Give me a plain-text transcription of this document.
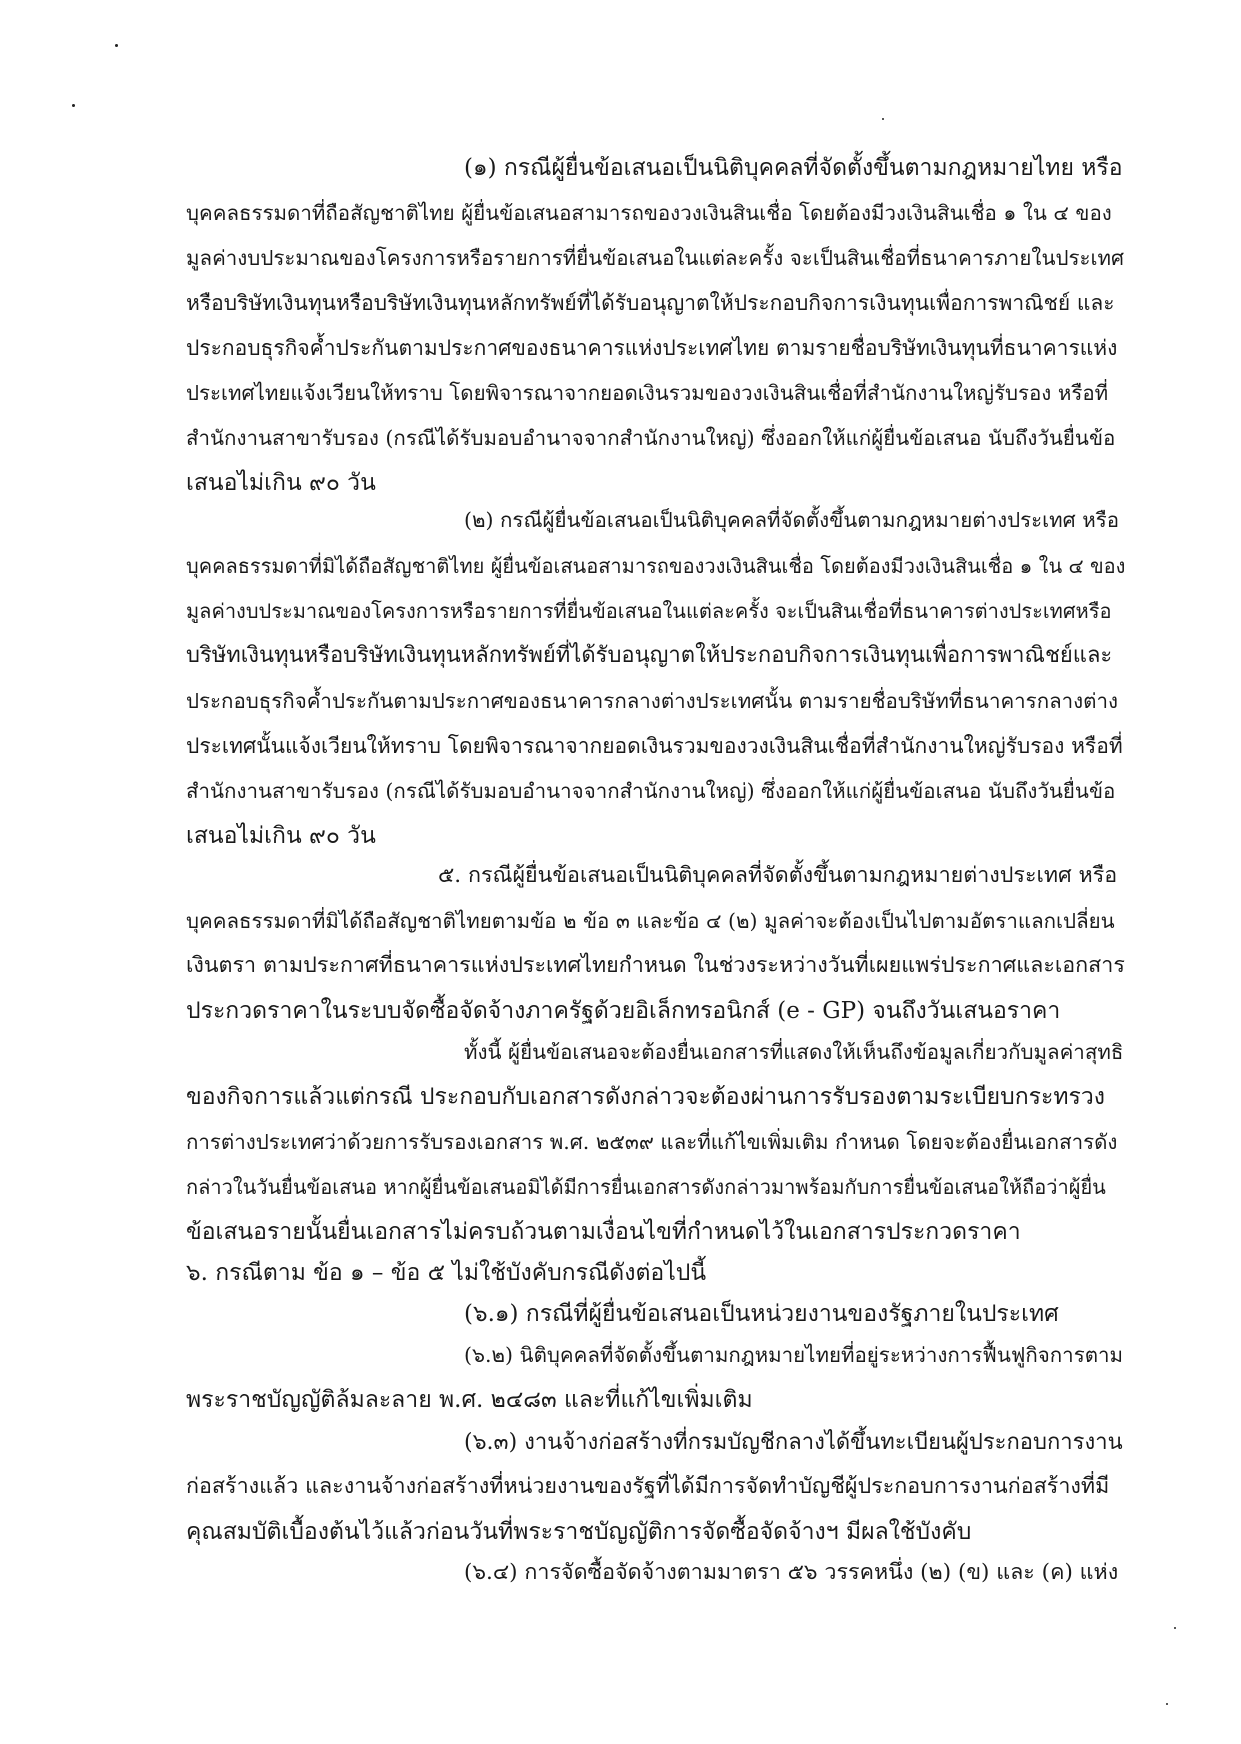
(๑) กรณีผู้ยื่นข้อเสนอเป็นนิติบุคคลที่จัดตั้งขึ้นตามกฎหมายไทย หรือ
บุคคลธรรมดาที่ถือสัญชาติไทย ผู้ยื่นข้อเสนอสามารถของวงเงินสินเชื่อ โดยต้องมีวงเงินสินเชื่อ ๑ ใน ๔ ของ
มูลค่างบประมาณของโครงการหรือรายการที่ยื่นข้อเสนอในแต่ละครั้ง จะเป็นสินเชื่อที่ธนาคารภายในประเทศ
หรือบริษัทเงินทุนหรือบริษัทเงินทุนหลักทรัพย์ที่ได้รับอนุญาตให้ประกอบกิจการเงินทุนเพื่อการพาณิชย์ และ
ประกอบธุรกิจค้ำประกันตามประกาศของธนาคารแห่งประเทศไทย ตามรายชื่อบริษัทเงินทุนที่ธนาคารแห่ง
ประเทศไทยแจ้งเวียนให้ทราบ โดยพิจารณาจากยอดเงินรวมของวงเงินสินเชื่อที่สำนักงานใหญ่รับรอง หรือที่
สำนักงานสาขารับรอง (กรณีได้รับมอบอำนาจจากสำนักงานใหญ่) ซึ่งออกให้แก่ผู้ยื่นข้อเสนอ นับถึงวันยื่นข้อ
เสนอไม่เกิน ๙๐ วัน
(๒) กรณีผู้ยื่นข้อเสนอเป็นนิติบุคคลที่จัดตั้งขึ้นตามกฎหมายต่างประเทศ หรือ
บุคคลธรรมดาที่มิได้ถือสัญชาติไทย ผู้ยื่นข้อเสนอสามารถของวงเงินสินเชื่อ โดยต้องมีวงเงินสินเชื่อ ๑ ใน ๔ ของ
มูลค่างบประมาณของโครงการหรือรายการที่ยื่นข้อเสนอในแต่ละครั้ง จะเป็นสินเชื่อที่ธนาคารต่างประเทศหรือ
บริษัทเงินทุนหรือบริษัทเงินทุนหลักทรัพย์ที่ได้รับอนุญาตให้ประกอบกิจการเงินทุนเพื่อการพาณิชย์และ
ประกอบธุรกิจค้ำประกันตามประกาศของธนาคารกลางต่างประเทศนั้น ตามรายชื่อบริษัทที่ธนาคารกลางต่าง
ประเทศนั้นแจ้งเวียนให้ทราบ โดยพิจารณาจากยอดเงินรวมของวงเงินสินเชื่อที่สำนักงานใหญ่รับรอง หรือที่
สำนักงานสาขารับรอง (กรณีได้รับมอบอำนาจจากสำนักงานใหญ่) ซึ่งออกให้แก่ผู้ยื่นข้อเสนอ นับถึงวันยื่นข้อ
เสนอไม่เกิน ๙๐ วัน
๕. กรณีผู้ยื่นข้อเสนอเป็นนิติบุคคลที่จัดตั้งขึ้นตามกฎหมายต่างประเทศ หรือ
บุคคลธรรมดาที่มิได้ถือสัญชาติไทยตามข้อ ๒ ข้อ ๓ และข้อ ๔ (๒) มูลค่าจะต้องเป็นไปตามอัตราแลกเปลี่ยน
เงินตรา ตามประกาศที่ธนาคารแห่งประเทศไทยกำหนด ในช่วงระหว่างวันที่เผยแพร่ประกาศและเอกสาร
ประกวดราคาในระบบจัดซื้อจัดจ้างภาครัฐด้วยอิเล็กทรอนิกส์ (e - GP) จนถึงวันเสนอราคา
ทั้งนี้ ผู้ยื่นข้อเสนอจะต้องยื่นเอกสารที่แสดงให้เห็นถึงข้อมูลเกี่ยวกับมูลค่าสุทธิ
ของกิจการแล้วแต่กรณี ประกอบกับเอกสารดังกล่าวจะต้องผ่านการรับรองตามระเบียบกระทรวง
การต่างประเทศว่าด้วยการรับรองเอกสาร พ.ศ. ๒๕๓๙ และที่แก้ไขเพิ่มเติม กำหนด โดยจะต้องยื่นเอกสารดัง
กล่าวในวันยื่นข้อเสนอ หากผู้ยื่นข้อเสนอมิได้มีการยื่นเอกสารดังกล่าวมาพร้อมกับการยื่นข้อเสนอให้ถือว่าผู้ยื่น
ข้อเสนอรายนั้นยื่นเอกสารไม่ครบถ้วนตามเงื่อนไขที่กำหนดไว้ในเอกสารประกวดราคา
๖. กรณีตาม ข้อ ๑ – ข้อ ๕ ไม่ใช้บังคับกรณีดังต่อไปนี้
(๖.๑) กรณีที่ผู้ยื่นข้อเสนอเป็นหน่วยงานของรัฐภายในประเทศ
(๖.๒) นิติบุคคลที่จัดตั้งขึ้นตามกฎหมายไทยที่อยู่ระหว่างการฟื้นฟูกิจการตาม
พระราชบัญญัติล้มละลาย พ.ศ. ๒๔๘๓ และที่แก้ไขเพิ่มเติม
(๖.๓) งานจ้างก่อสร้างที่กรมบัญชีกลางได้ขึ้นทะเบียนผู้ประกอบการงาน
ก่อสร้างแล้ว และงานจ้างก่อสร้างที่หน่วยงานของรัฐที่ได้มีการจัดทำบัญชีผู้ประกอบการงานก่อสร้างที่มี
คุณสมบัติเบื้องต้นไว้แล้วก่อนวันที่พระราชบัญญัติการจัดซื้อจัดจ้างฯ มีผลใช้บังคับ
(๖.๔) การจัดซื้อจัดจ้างตามมาตรา ๕๖ วรรคหนึ่ง (๒) (ข) และ (ค) แห่ง
